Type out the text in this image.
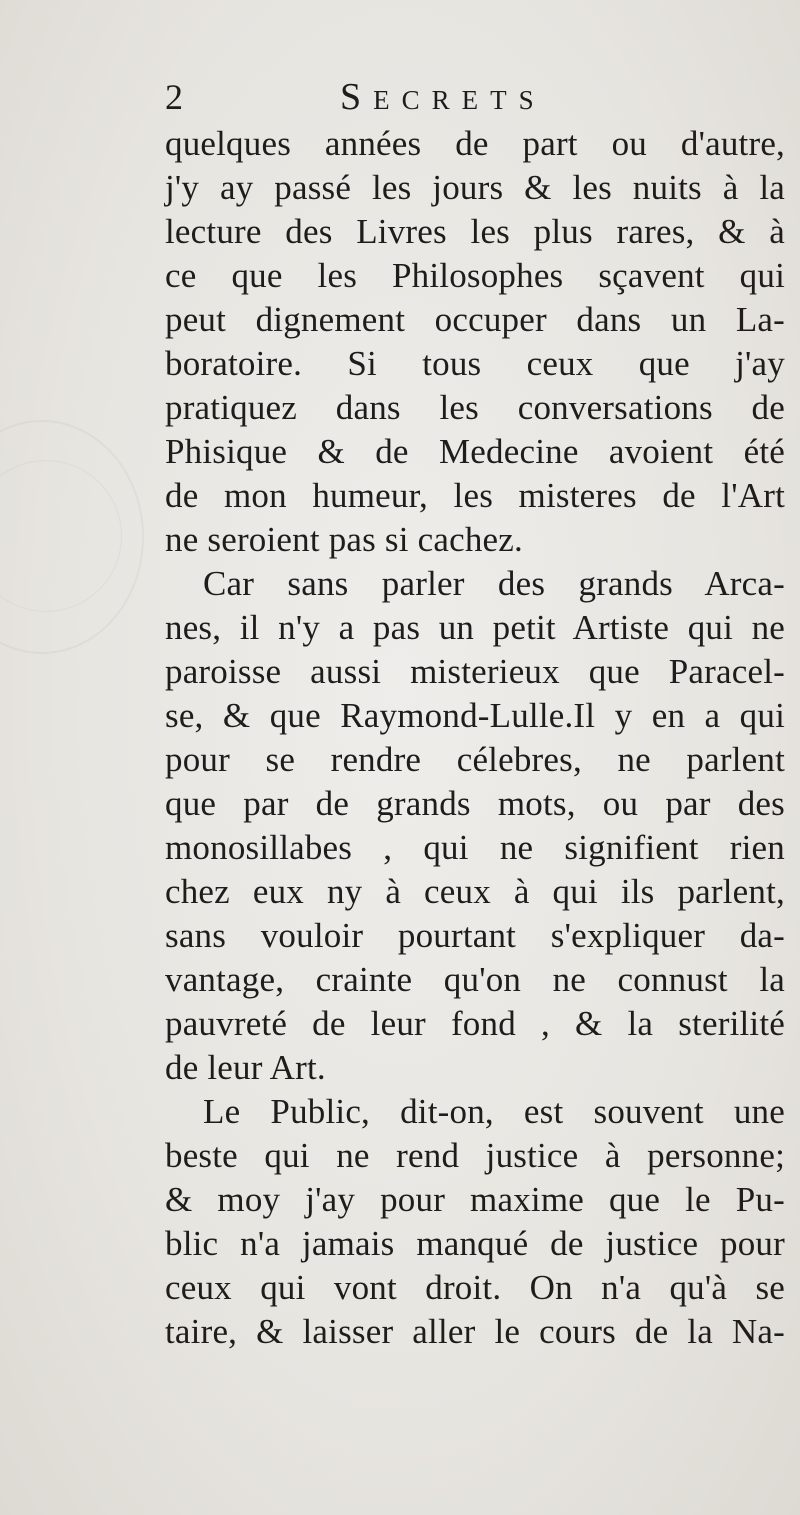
2	Secrets
quelques années de part ou d'autre,
j'y ay passé les jours & les nuits à la
lecture des Livres les plus rares, & à
ce que les Philosophes sçavent qui
peut dignement occuper dans un La-
boratoire. Si tous ceux que j'ay
pratiquez dans les conversations de
Phisique & de Medecine avoient été
de mon humeur, les misteres de l'Art
ne seroient pas si cachez.
Car sans parler des grands Arca-
nes, il n'y a pas un petit Artiste qui ne
paroisse aussi misterieux que Paracel-
se, & que Raymond-Lulle.Il y en a qui
pour se rendre célebres, ne parlent
que par de grands mots, ou par des
monosillabes , qui ne signifient rien
chez eux ny à ceux à qui ils parlent,
sans vouloir pourtant s'expliquer da-
vantage, crainte qu'on ne connust la
pauvreté de leur fond , & la sterilité
de leur Art.
Le Public, dit-on, est souvent une
beste qui ne rend justice à personne;
& moy j'ay pour maxime que le Pu-
blic n'a jamais manqué de justice pour
ceux qui vont droit. On n'a qu'à se
taire, & laisser aller le cours de la Na-
